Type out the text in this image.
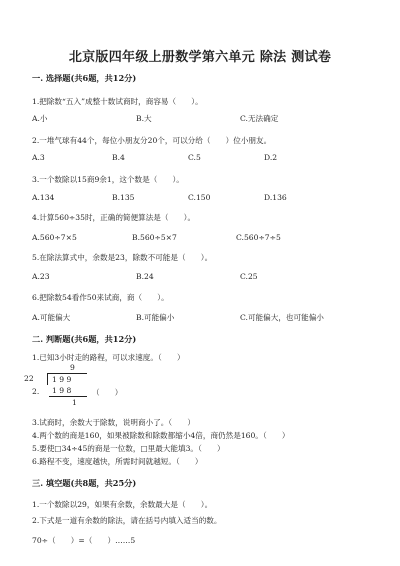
北京版四年级上册数学第六单元 除法 测试卷
一. 选择题(共6题，共12分)
1.把除数“五入”成整十数试商时，商容易（　　）。
A.小	B.大	C.无法确定
2.一堆气球有44个，每位小朋友分20个，可以分给（　　）位小朋友。
A.3	B.4	C.5	D.2
3.一个数除以15商9余1，这个数是（　　）。
A.134	B.135	C.150	D.136
4.计算560÷35时，正确的简便算法是（　　）。
A.560÷7×5	B.560÷5×7	C.560÷7÷5
5.在除法算式中，余数是23，除数不可能是（　　）。
A.23	B.24	C.25
6.把除数54看作50来试商，商（　　）。
A.可能偏大	B.可能偏小	C.可能偏大，也可能偏小
二. 判断题(共6题，共12分)
1.已知3小时走的路程，可以求速度。（　　）
9
22 1 9 9
2. 1 9 8	（　　）
1
3.试商时，余数大于除数，说明商小了。（　　）
4.两个数的商是160，如果被除数和除数都缩小4倍，商仍然是160。（　　）
5.要使□34÷45的商是一位数，□里最大能填3。（　　）
6.路程不变，速度越快，所需时间就越短。（　　）
三. 填空题(共8题，共25分)
1.一个数除以29，如果有余数，余数最大是（　　）。
2.下式是一道有余数的除法，请在括号内填入适当的数。
70÷（　　）=（　　）……5
